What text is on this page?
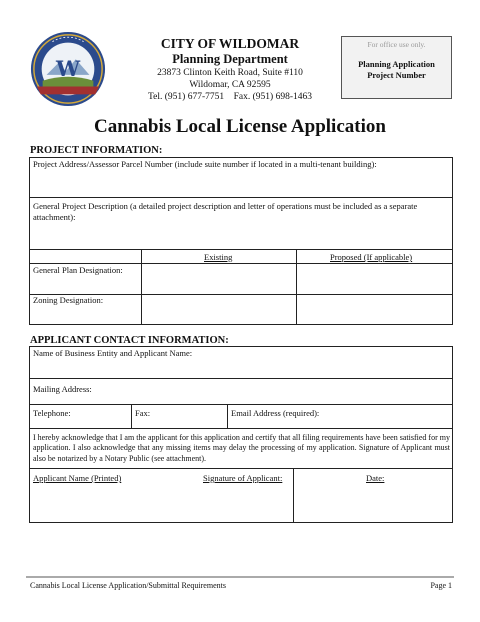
W
CITY OF WILDOMAR
Planning Department
23873 Clinton Keith Road, Suite #110
Wildomar, CA 92595
Tel. (951) 677-7751    Fax. (951) 698-1463
For office use only.
Planning Application
Project Number
Cannabis Local License Application
PROJECT INFORMATION:
Project Address/Assessor Parcel Number (include suite number if located in a multi-tenant building):
General Project Description (a detailed project description and letter of operations must be included as a separate attachment):
Existing	Proposed (If applicable)
General Plan Designation:
Zoning Designation:
APPLICANT CONTACT INFORMATION:
Name of Business Entity and Applicant Name:
Mailing Address:
Telephone:	Fax:	Email Address (required):
I hereby acknowledge that I am the applicant for this application and certify that all filing requirements have been satisfied for my application. I also acknowledge that any missing items may delay the processing of my application. Signature of Applicant must also be notarized by a Notary Public (see attachment).
Applicant Name (Printed)	Signature of Applicant:	Date:
Cannabis Local License Application/Submittal Requirements	Page 1
